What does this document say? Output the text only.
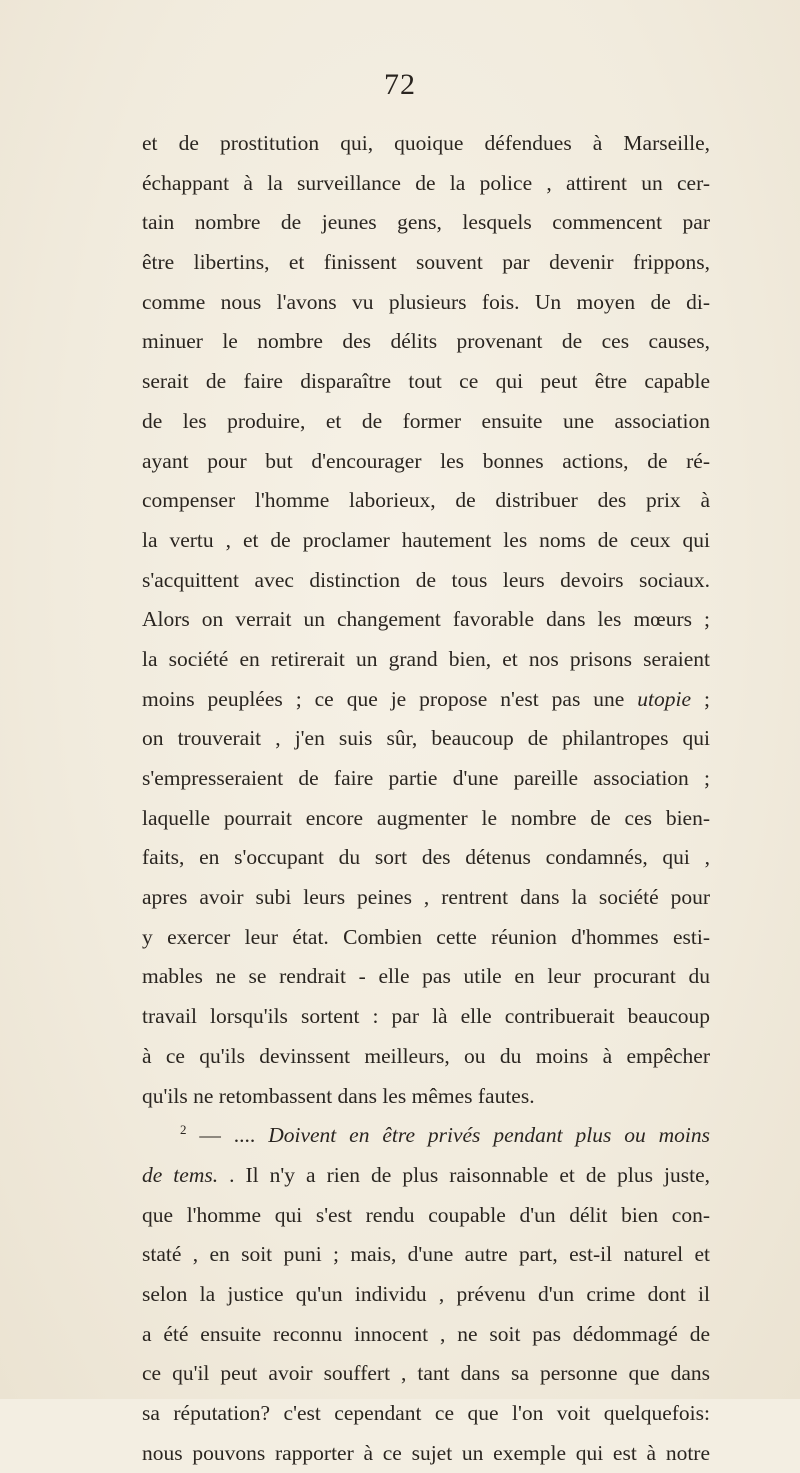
72
et de prostitution qui, quoique défendues à Marseille,
échappant à la surveillance de la police , attirent un cer-
tain nombre de jeunes gens, lesquels commencent par
être libertins, et finissent souvent par devenir frippons,
comme nous l'avons vu plusieurs fois. Un moyen de di-
minuer le nombre des délits provenant de ces causes,
serait de faire disparaître tout ce qui peut être capable
de les produire, et de former ensuite une association
ayant pour but d'encourager les bonnes actions, de ré-
compenser l'homme laborieux, de distribuer des prix à
la vertu , et de proclamer hautement les noms de ceux qui
s'acquittent avec distinction de tous leurs devoirs sociaux.
Alors on verrait un changement favorable dans les mœurs ;
la société en retirerait un grand bien, et nos prisons seraient
moins peuplées ; ce que je propose n'est pas une utopie ;
on trouverait , j'en suis sûr, beaucoup de philantropes qui
s'empresseraient de faire partie d'une pareille association ;
laquelle pourrait encore augmenter le nombre de ces bien-
faits, en s'occupant du sort des détenus condamnés, qui ,
apres avoir subi leurs peines , rentrent dans la société pour
y exercer leur état. Combien cette réunion d'hommes esti-
mables ne se rendrait - elle pas utile en leur procurant du
travail lorsqu'ils sortent : par là elle contribuerait beaucoup
à ce qu'ils devinssent meilleurs, ou du moins à empêcher
qu'ils ne retombassent dans les mêmes fautes.
$^2$ — .... Doivent en être privés pendant plus ou moins
de tems. . Il n'y a rien de plus raisonnable et de plus juste,
que l'homme qui s'est rendu coupable d'un délit bien con-
staté , en soit puni ; mais, d'une autre part, est-il naturel et
selon la justice qu'un individu , prévenu d'un crime dont il
a été ensuite reconnu innocent , ne soit pas dédommagé de
ce qu'il peut avoir souffert , tant dans sa personne que dans
sa réputation? c'est cependant ce que l'on voit quelquefois:
nous pouvons rapporter à ce sujet un exemple qui est à notre
